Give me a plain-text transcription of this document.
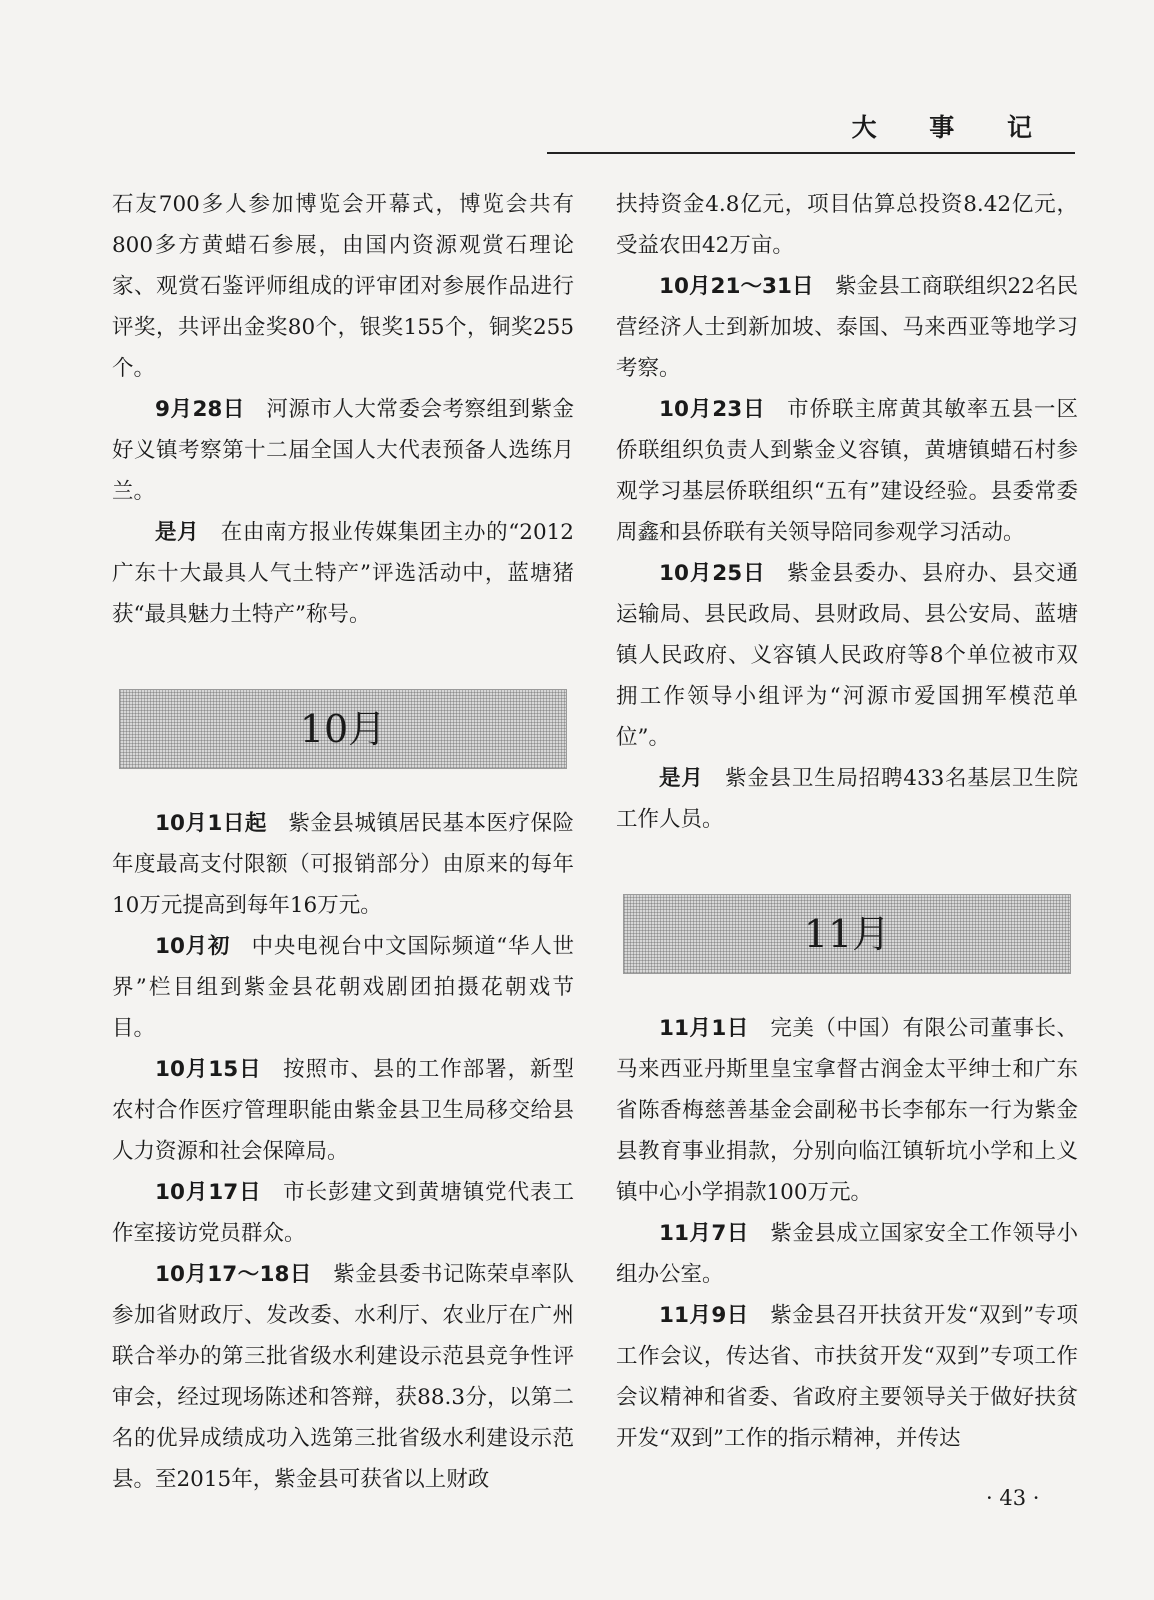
大 事 记

石友700多人参加博览会开幕式，博览会共有800多方黄蜡石参展，由国内资源观赏石理论家、观赏石鉴评师组成的评审团对参展作品进行评奖，共评出金奖80个，银奖155个，铜奖255个。

9月28日 河源市人大常委会考察组到紫金好义镇考察第十二届全国人大代表预备人选练月兰。

是月 在由南方报业传媒集团主办的“2012广东十大最具人气土特产”评选活动中，蓝塘猪获“最具魅力土特产”称号。

10月

10月1日起 紫金县城镇居民基本医疗保险年度最高支付限额（可报销部分）由原来的每年10万元提高到每年16万元。

10月初 中央电视台中文国际频道“华人世界”栏目组到紫金县花朝戏剧团拍摄花朝戏节目。

10月15日 按照市、县的工作部署，新型农村合作医疗管理职能由紫金县卫生局移交给县人力资源和社会保障局。

10月17日 市长彭建文到黄塘镇党代表工作室接访党员群众。

10月17～18日 紫金县委书记陈荣卓率队参加省财政厅、发改委、水利厅、农业厅在广州联合举办的第三批省级水利建设示范县竞争性评审会，经过现场陈述和答辩，获88.3分，以第二名的优异成绩成功入选第三批省级水利建设示范县。至2015年，紫金县可获省以上财政

扶持资金4.8亿元，项目估算总投资8.42亿元，受益农田42万亩。

10月21～31日 紫金县工商联组织22名民营经济人士到新加坡、泰国、马来西亚等地学习考察。

10月23日 市侨联主席黄其敏率五县一区侨联组织负责人到紫金义容镇，黄塘镇蜡石村参观学习基层侨联组织“五有”建设经验。县委常委周鑫和县侨联有关领导陪同参观学习活动。

10月25日 紫金县委办、县府办、县交通运输局、县民政局、县财政局、县公安局、蓝塘镇人民政府、义容镇人民政府等8个单位被市双拥工作领导小组评为“河源市爱国拥军模范单位”。

是月 紫金县卫生局招聘433名基层卫生院工作人员。

11月

11月1日 完美（中国）有限公司董事长、马来西亚丹斯里皇宝拿督古润金太平绅士和广东省陈香梅慈善基金会副秘书长李郁东一行为紫金县教育事业捐款，分别向临江镇斩坑小学和上义镇中心小学捐款100万元。

11月7日 紫金县成立国家安全工作领导小组办公室。

11月9日 紫金县召开扶贫开发“双到”专项工作会议，传达省、市扶贫开发“双到”专项工作会议精神和省委、省政府主要领导关于做好扶贫开发“双到”工作的指示精神，并传达

· 43 ·
